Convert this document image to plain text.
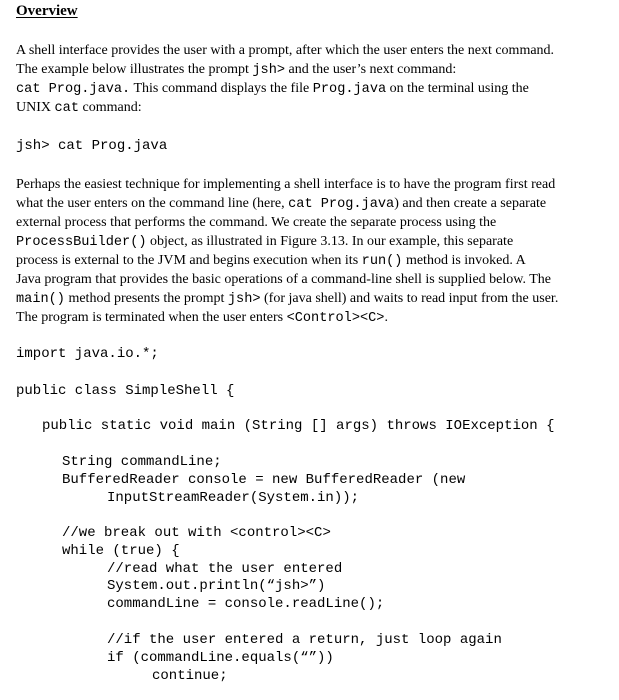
Overview
A shell interface provides the user with a prompt, after which the user enters the next command.
The example below illustrates the prompt jsh> and the user’s next command:
cat Prog.java. This command displays the file Prog.java on the terminal using the
UNIX cat command:
jsh> cat Prog.java
Perhaps the easiest technique for implementing a shell interface is to have the program first read
what the user enters on the command line (here, cat Prog.java) and then create a separate
external process that performs the command. We create the separate process using the
ProcessBuilder() object, as illustrated in Figure 3.13. In our example, this separate
process is external to the JVM and begins execution when its run() method is invoked. A
Java program that provides the basic operations of a command-line shell is supplied below. The
main() method presents the prompt jsh> (for java shell) and waits to read input from the user.
The program is terminated when the user enters <Control><C>.
import java.io.*;
public class SimpleShell {
public static void main (String [] args) throws IOException {
String commandLine;
BufferedReader console = new BufferedReader (new
InputStreamReader(System.in));
//we break out with <control><C>
while (true) {
//read what the user entered
System.out.println(“jsh>”)
commandLine = console.readLine();
//if the user entered a return, just loop again
if (commandLine.equals(“”))
continue;
